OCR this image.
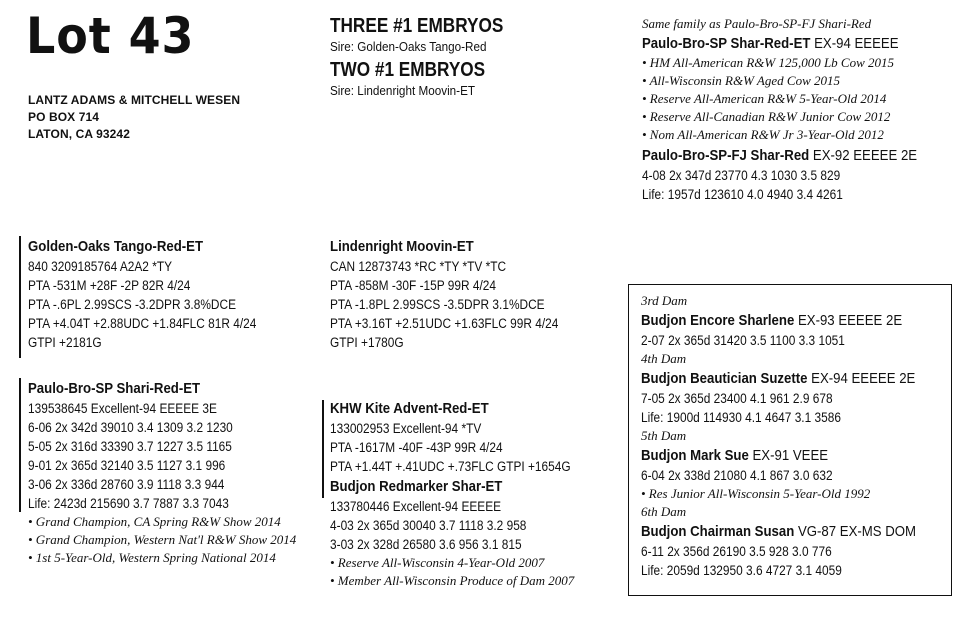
Lot 43
LANTZ ADAMS & MITCHELL WESEN
PO BOX 714
LATON, CA 93242
THREE #1 EMBRYOS
Sire: Golden-Oaks Tango-Red
TWO #1 EMBRYOS
Sire: Lindenright Moovin-ET
Same family as Paulo-Bro-SP-FJ Shari-Red
Paulo-Bro-SP Shar-Red-ET EX-94 EEEEE
• HM All-American R&W 125,000 Lb Cow 2015
• All-Wisconsin R&W Aged Cow 2015
• Reserve All-American R&W 5-Year-Old 2014
• Reserve All-Canadian R&W Junior Cow 2012
• Nom All-American R&W Jr 3-Year-Old 2012
Paulo-Bro-SP-FJ Shar-Red EX-92 EEEEE 2E
4-08 2x 347d 23770 4.3 1030 3.5 829
Life: 1957d 123610 4.0 4940 3.4 4261
Golden-Oaks Tango-Red-ET
840 3209185764 A2A2 *TY
PTA -531M +28F -2P 82R 4/24
PTA -.6PL 2.99SCS -3.2DPR 3.8%DCE
PTA +4.04T +2.88UDC +1.84FLC 81R 4/24
GTPI +2181G
Paulo-Bro-SP Shari-Red-ET
139538645 Excellent-94 EEEEE 3E
6-06 2x 342d 39010 3.4 1309 3.2 1230
5-05 2x 316d 33390 3.7 1227 3.5 1165
9-01 2x 365d 32140 3.5 1127 3.1 996
3-06 2x 336d 28760 3.9 1118 3.3 944
Life: 2423d 215690 3.7 7887 3.3 7043
• Grand Champion, CA Spring R&W Show 2014
• Grand Champion, Western Nat'l R&W Show 2014
• 1st 5-Year-Old, Western Spring National 2014
Lindenright Moovin-ET
CAN 12873743 *RC *TY *TV *TC
PTA -858M -30F -15P 99R 4/24
PTA -1.8PL 2.99SCS -3.5DPR 3.1%DCE
PTA +3.16T +2.51UDC +1.63FLC 99R 4/24
GTPI +1780G
KHW Kite Advent-Red-ET
133002953 Excellent-94 *TV
PTA -1617M -40F -43P 99R 4/24
PTA +1.44T +.41UDC +.73FLC GTPI +1654G
Budjon Redmarker Shar-ET
133780446 Excellent-94 EEEEE
4-03 2x 365d 30040 3.7 1118 3.2 958
3-03 2x 328d 26580 3.6 956 3.1 815
• Reserve All-Wisconsin 4-Year-Old 2007
• Member All-Wisconsin Produce of Dam 2007
3rd Dam
Budjon Encore Sharlene EX-93 EEEEE 2E
2-07 2x 365d 31420 3.5 1100 3.3 1051
4th Dam
Budjon Beautician Suzette EX-94 EEEEE 2E
7-05 2x 365d 23400 4.1 961 2.9 678
Life: 1900d 114930 4.1 4647 3.1 3586
5th Dam
Budjon Mark Sue EX-91 VEEE
6-04 2x 338d 21080 4.1 867 3.0 632
• Res Junior All-Wisconsin 5-Year-Old 1992
6th Dam
Budjon Chairman Susan VG-87 EX-MS DOM
6-11 2x 356d 26190 3.5 928 3.0 776
Life: 2059d 132950 3.6 4727 3.1 4059
